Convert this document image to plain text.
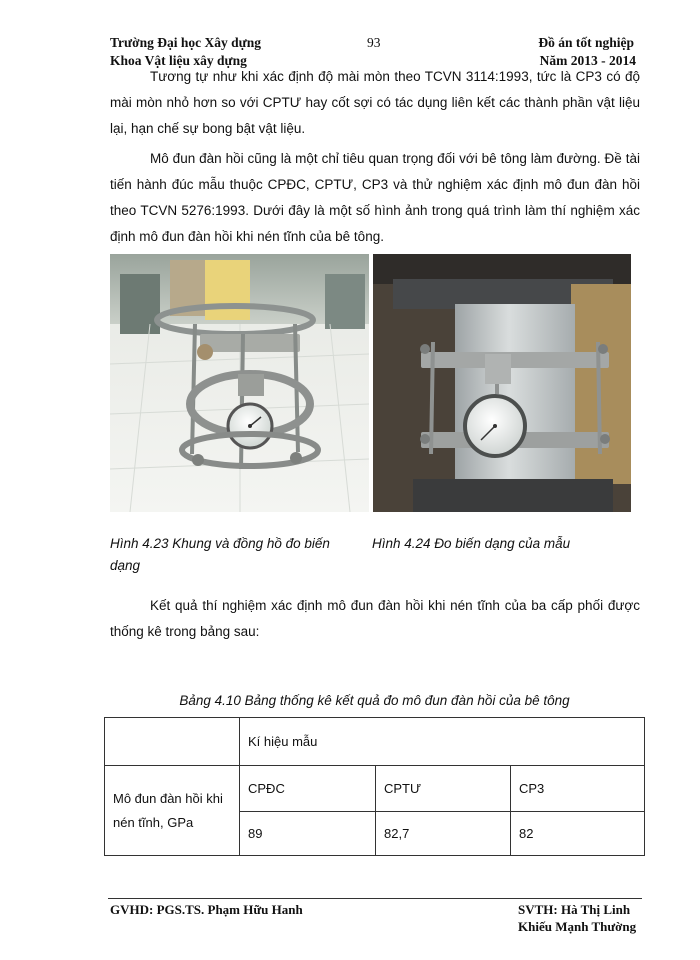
Trường Đại học Xây dựng	93	Đồ án tốt nghiệp
Khoa Vật liệu xây dựng	Năm 2013 - 2014
Tương tự như khi xác định độ mài mòn theo TCVN 3114:1993, tức là CP3 có độ mài mòn nhỏ hơn so với CPTƯ hay cốt sợi có tác dụng liên kết các thành phần vật liệu lại, hạn chế sự bong bật vật liệu.
Mô đun đàn hồi cũng là một chỉ tiêu quan trọng đối với bê tông làm đường. Đề tài tiến hành đúc mẫu thuộc CPĐC, CPTƯ, CP3 và thử nghiệm xác định mô đun đàn hồi theo TCVN 5276:1993. Dưới đây là một số hình ảnh trong quá trình làm thí nghiệm xác định mô đun đàn hồi khi nén tĩnh của bê tông.
Hình 4.23 Khung và đồng hồ đo biến dạng
Hình 4.24 Đo biến dạng của mẫu
Kết quả thí nghiệm xác định mô đun đàn hồi khi nén tĩnh của ba cấp phối được thống kê trong bảng sau:
Bảng 4.10 Bảng thống kê kết quả đo mô đun đàn hồi của bê tông
	Kí hiệu mẫu		
Mô đun đàn hồi khi nén tĩnh, GPa	CPĐC	CPTƯ	CP3
	89	82,7	82
GVHD: PGS.TS. Phạm Hữu Hanh	SVTH: Hà Thị Linh
Khiếu Mạnh Thường
